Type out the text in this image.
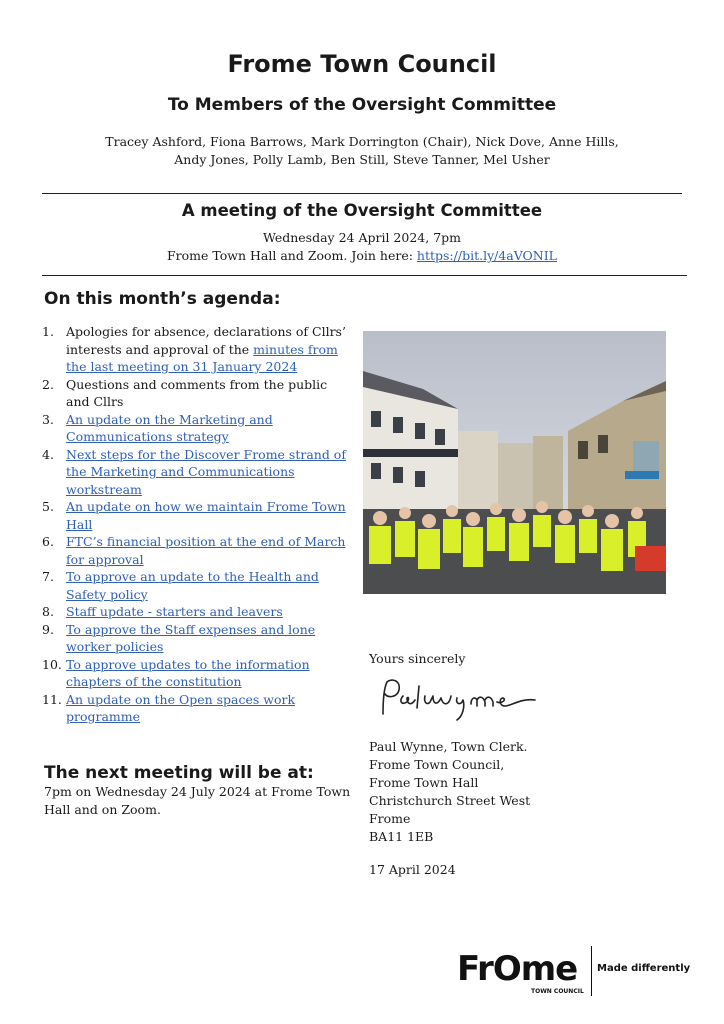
Frome Town Council
To Members of the Oversight Committee
Tracey Ashford, Fiona Barrows, Mark Dorrington (Chair), Nick Dove, Anne Hills,
Andy Jones, Polly Lamb, Ben Still, Steve Tanner, Mel Usher
A meeting of the Oversight Committee
Wednesday 24 April 2024, 7pm
Frome Town Hall and Zoom. Join here: https://bit.ly/4aVONIL
On this month’s agenda:
1. Apologies for absence, declarations of Cllrs’ interests and approval of the minutes from the last meeting on 31 January 2024
2. Questions and comments from the public and Cllrs
3. An update on the Marketing and Communications strategy
4. Next steps for the Discover Frome strand of the Marketing and Communications workstream
5. An update on how we maintain Frome Town Hall
6. FTC’s financial position at the end of March for approval
7. To approve an update to the Health and Safety policy
8. Staff update - starters and leavers
9. To approve the Staff expenses and lone worker policies
10. To approve updates to the information chapters of the constitution
11. An update on the Open spaces work programme
The next meeting will be at:
7pm on Wednesday 24 July 2024 at Frome Town
Hall and on Zoom.
Yours sincerely
Paul Wynne, Town Clerk.
Frome Town Council,
Frome Town Hall
Christchurch Street West
Frome
BA11 1EB
17 April 2024
FrOme
TOWN COUNCIL
Made differently
